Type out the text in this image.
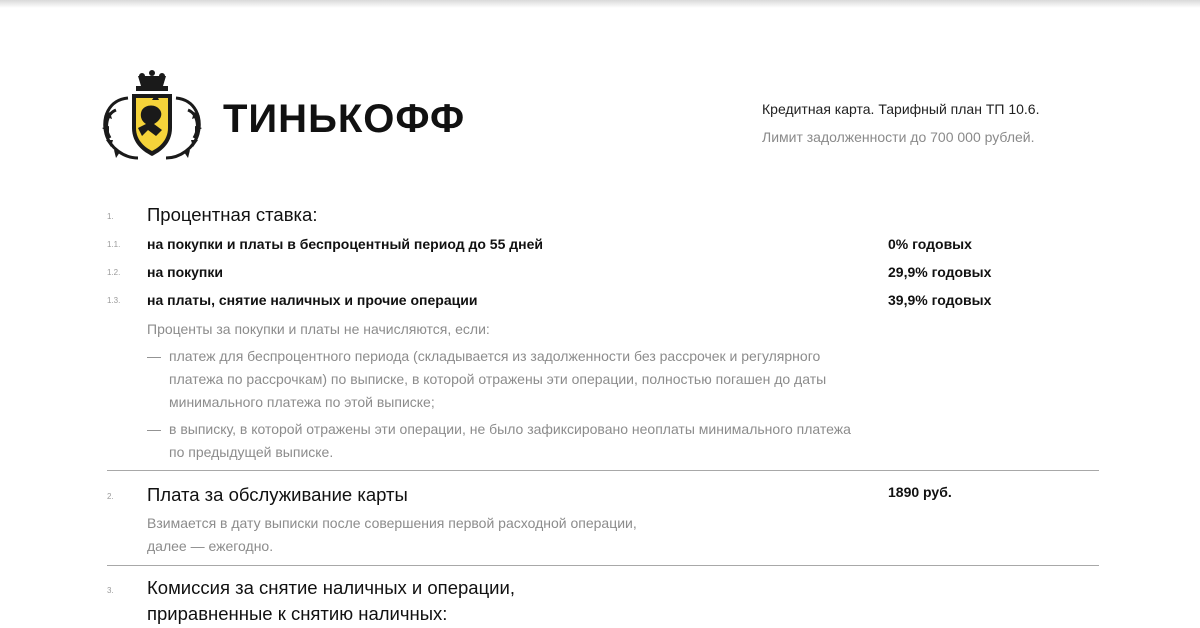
ТИНЬКОФФ	Кредитная карта. Тарифный план ТП 10.6.
Лимит задолженности до 700 000 рублей.
1. Процентная ставка:
1.1. на покупки и платы в беспроцентный период до 55 дней	0% годовых
1.2. на покупки	29,9% годовых
1.3. на платы, снятие наличных и прочие операции	39,9% годовых
Проценты за покупки и платы не начисляются, если:
— платеж для беспроцентного периода (складывается из задолженности без рассрочек и регулярного платежа по рассрочкам) по выписке, в которой отражены эти операции, полностью погашен до даты минимального платежа по этой выписке;
— в выписку, в которой отражены эти операции, не было зафиксировано неоплаты минимального платежа по предыдущей выписке.
2. Плата за обслуживание карты	1890 руб.
Взимается в дату выписки после совершения первой расходной операции,
далее — ежегодно.
3. Комиссия за снятие наличных и операции,
приравненные к снятию наличных:
